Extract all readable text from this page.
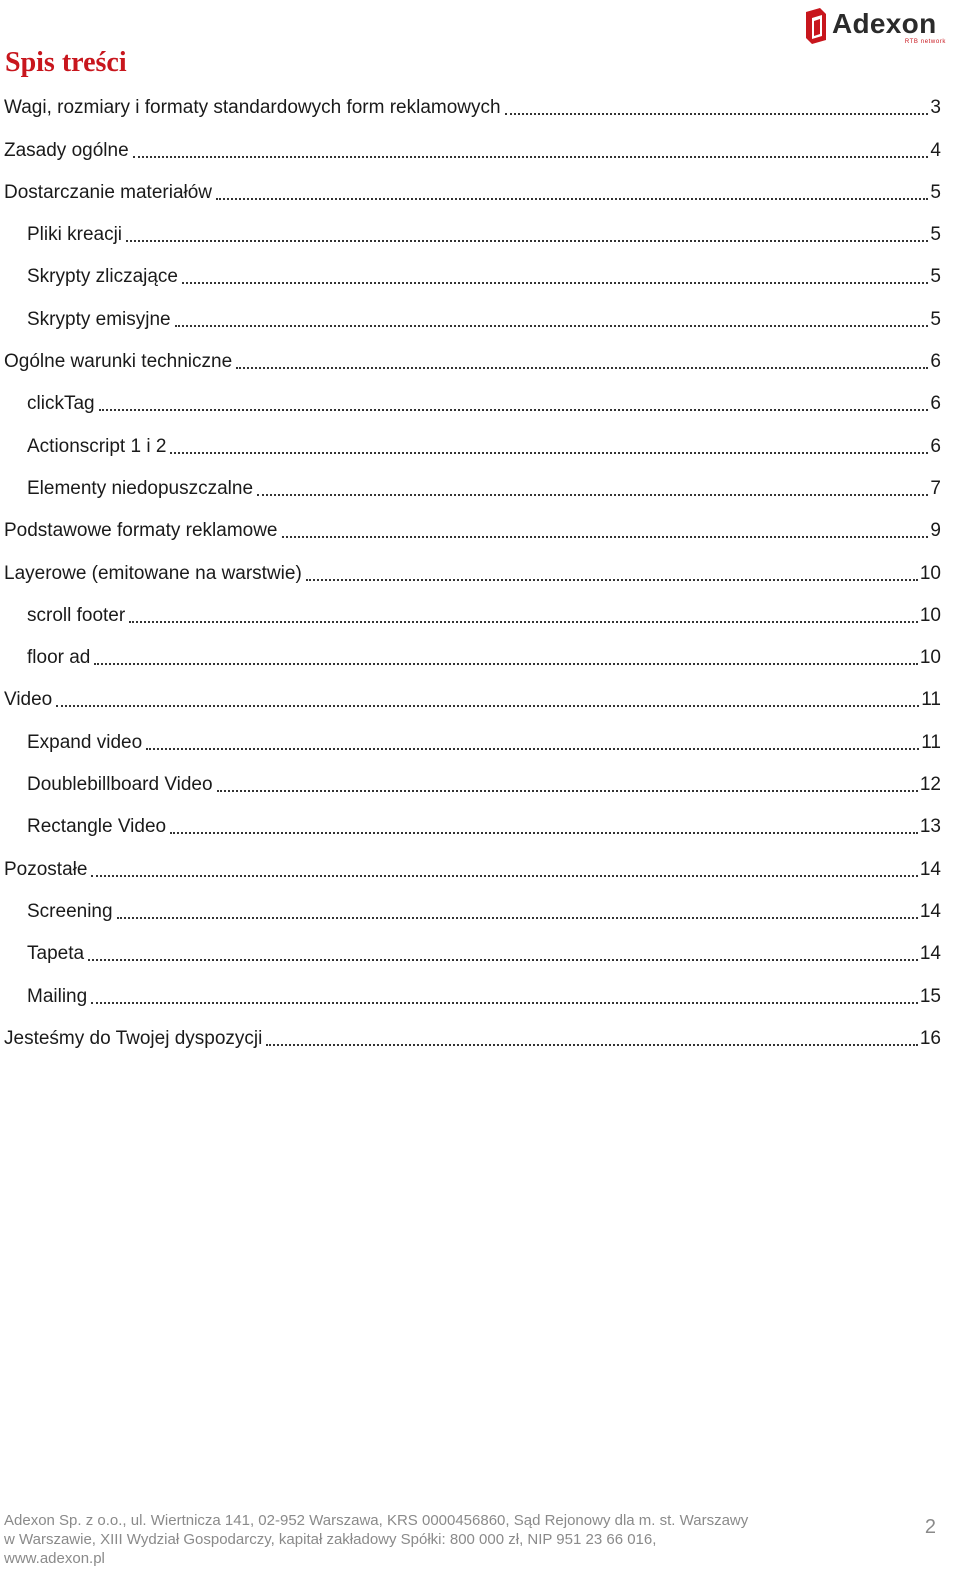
Adexon
RTB network
Spis treści
Wagi, rozmiary i formaty standardowych form reklamowych	3
Zasady ogólne	4
Dostarczanie materiałów	5
Pliki kreacji	5
Skrypty zliczające	5
Skrypty emisyjne	5
Ogólne warunki techniczne	6
clickTag	6
Actionscript 1 i 2	6
Elementy niedopuszczalne	7
Podstawowe formaty reklamowe	9
Layerowe (emitowane na warstwie)	10
scroll footer	10
floor ad	10
Video	11
Expand video	11
Doublebillboard Video	12
Rectangle Video	13
Pozostałe	14
Screening	14
Tapeta	14
Mailing	15
Jesteśmy do Twojej dyspozycji	16
Adexon Sp. z o.o., ul. Wiertnicza 141, 02-952 Warszawa, KRS 0000456860, Sąd Rejonowy dla m. st. Warszawy
w Warszawie, XIII Wydział Gospodarczy, kapitał zakładowy Spółki: 800 000 zł, NIP 951 23 66 016,
www.adexon.pl
2
